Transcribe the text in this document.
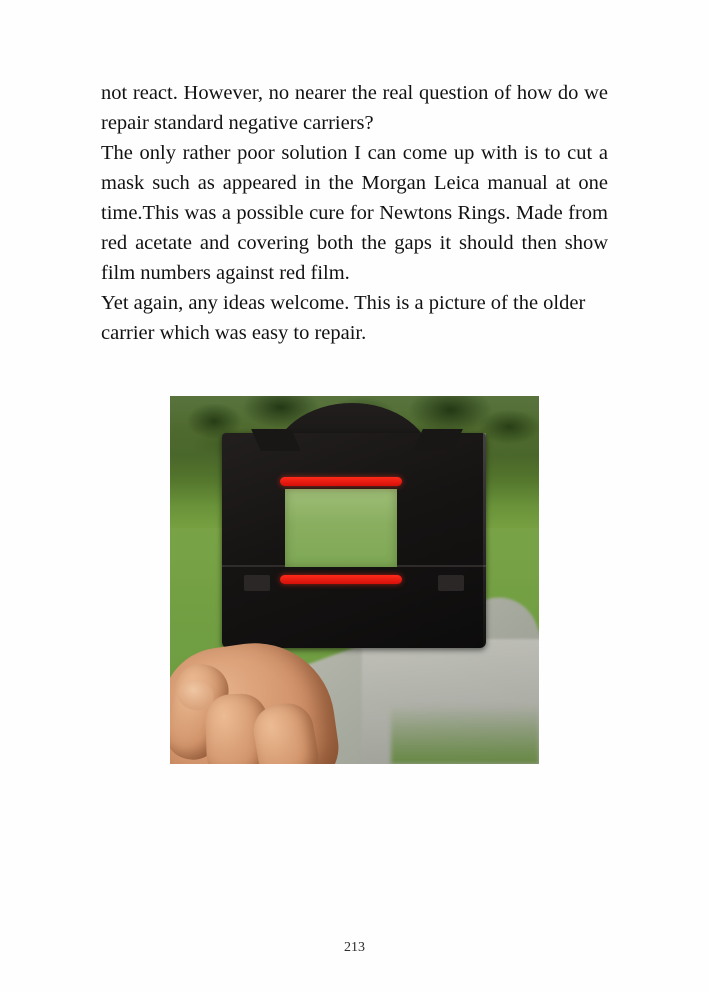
not react. However, no nearer the real question of how do we repair standard negative carriers?

The only rather poor solution I can come up with is to cut a mask such as appeared in the Morgan Leica manual at one time.This was a possible cure for Newtons Rings. Made from red acetate and covering both the gaps it should then show film numbers against red film.

Yet again, any ideas welcome. This is a picture of the older carrier which was easy to repair.

213
